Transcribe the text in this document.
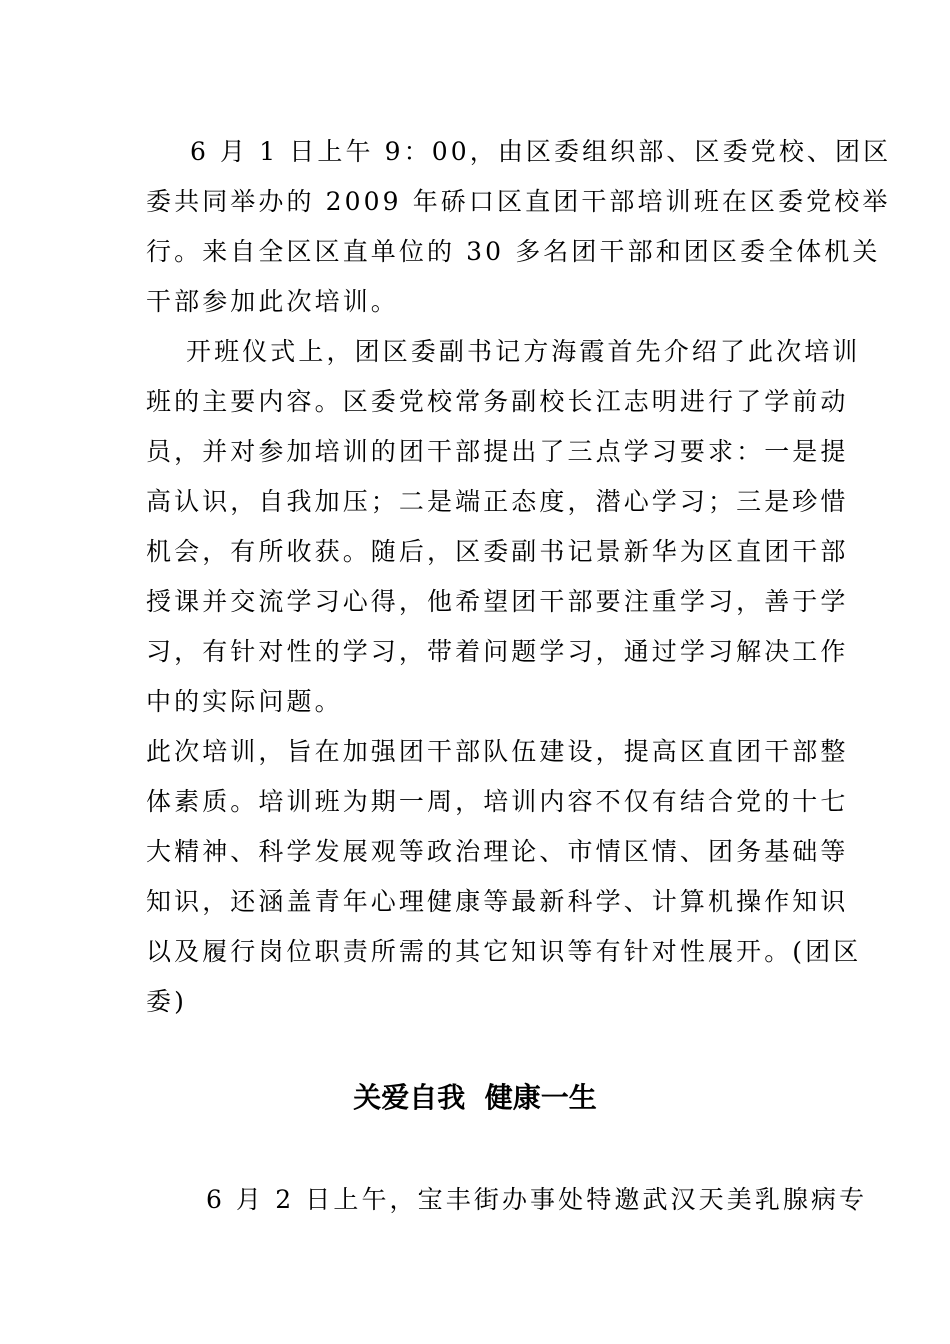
6 月 1 日上午 9：00，由区委组织部、区委党校、团区
委共同举办的 2009 年硚口区直团干部培训班在区委党校举
行。来自全区区直单位的 30 多名团干部和团区委全体机关
干部参加此次培训。
开班仪式上，团区委副书记方海霞首先介绍了此次培训
班的主要内容。区委党校常务副校长江志明进行了学前动
员，并对参加培训的团干部提出了三点学习要求：一是提
高认识，自我加压；二是端正态度，潜心学习；三是珍惜
机会，有所收获。随后，区委副书记景新华为区直团干部
授课并交流学习心得，他希望团干部要注重学习，善于学
习，有针对性的学习，带着问题学习，通过学习解决工作
中的实际问题。
此次培训，旨在加强团干部队伍建设，提高区直团干部整
体素质。培训班为期一周，培训内容不仅有结合党的十七
大精神、科学发展观等政治理论、市情区情、团务基础等
知识，还涵盖青年心理健康等最新科学、计算机操作知识
以及履行岗位职责所需的其它知识等有针对性展开。(团区
委)
关爱自我  健康一生
6 月 2 日上午，宝丰街办事处特邀武汉天美乳腺病专
